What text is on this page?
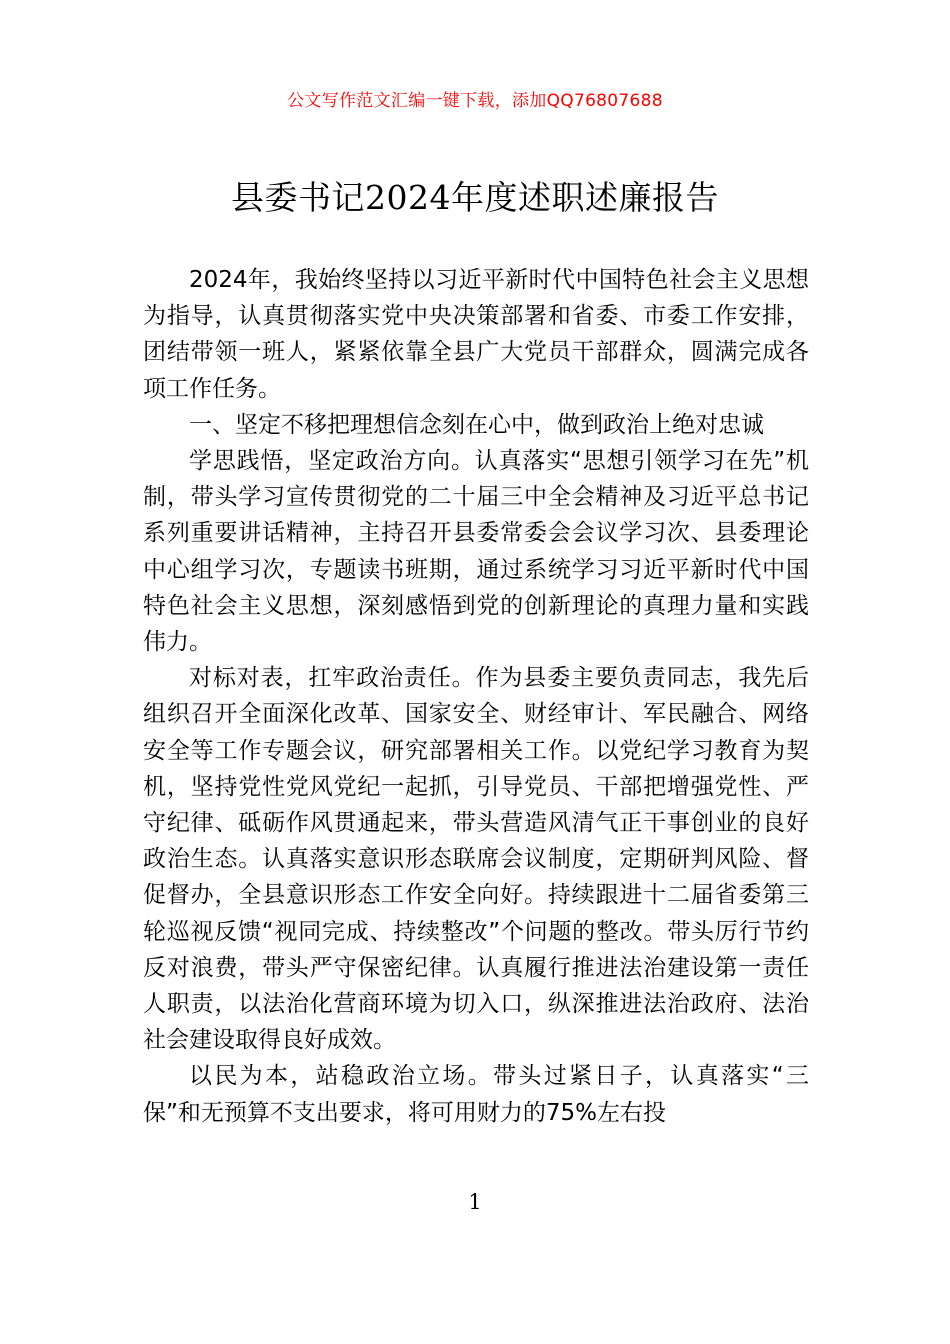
公文写作范文汇编一键下载，添加QQ76807688
县委书记2024年度述职述廉报告

2024年，我始终坚持以习近平新时代中国特色社会主义思想为指导，认真贯彻落实党中央决策部署和省委、市委工作安排，团结带领一班人，紧紧依靠全县广大党员干部群众，圆满完成各项工作任务。

一、坚定不移把理想信念刻在心中，做到政治上绝对忠诚

学思践悟，坚定政治方向。认真落实“思想引领学习在先”机制，带头学习宣传贯彻党的二十届三中全会精神及习近平总书记系列重要讲话精神，主持召开县委常委会会议学习次、县委理论中心组学习次，专题读书班期，通过系统学习习近平新时代中国特色社会主义思想，深刻感悟到党的创新理论的真理力量和实践伟力。

对标对表，扛牢政治责任。作为县委主要负责同志，我先后组织召开全面深化改革、国家安全、财经审计、军民融合、网络安全等工作专题会议，研究部署相关工作。以党纪学习教育为契机，坚持党性党风党纪一起抓，引导党员、干部把增强党性、严守纪律、砥砺作风贯通起来，带头营造风清气正干事创业的良好政治生态。认真落实意识形态联席会议制度，定期研判风险、督促督办，全县意识形态工作安全向好。持续跟进十二届省委第三轮巡视反馈“视同完成、持续整改”个问题的整改。带头厉行节约反对浪费，带头严守保密纪律。认真履行推进法治建设第一责任人职责，以法治化营商环境为切入口，纵深推进法治政府、法治社会建设取得良好成效。

以民为本，站稳政治立场。带头过紧日子，认真落实“三保”和无预算不支出要求，将可用财力的75%左右投

1
